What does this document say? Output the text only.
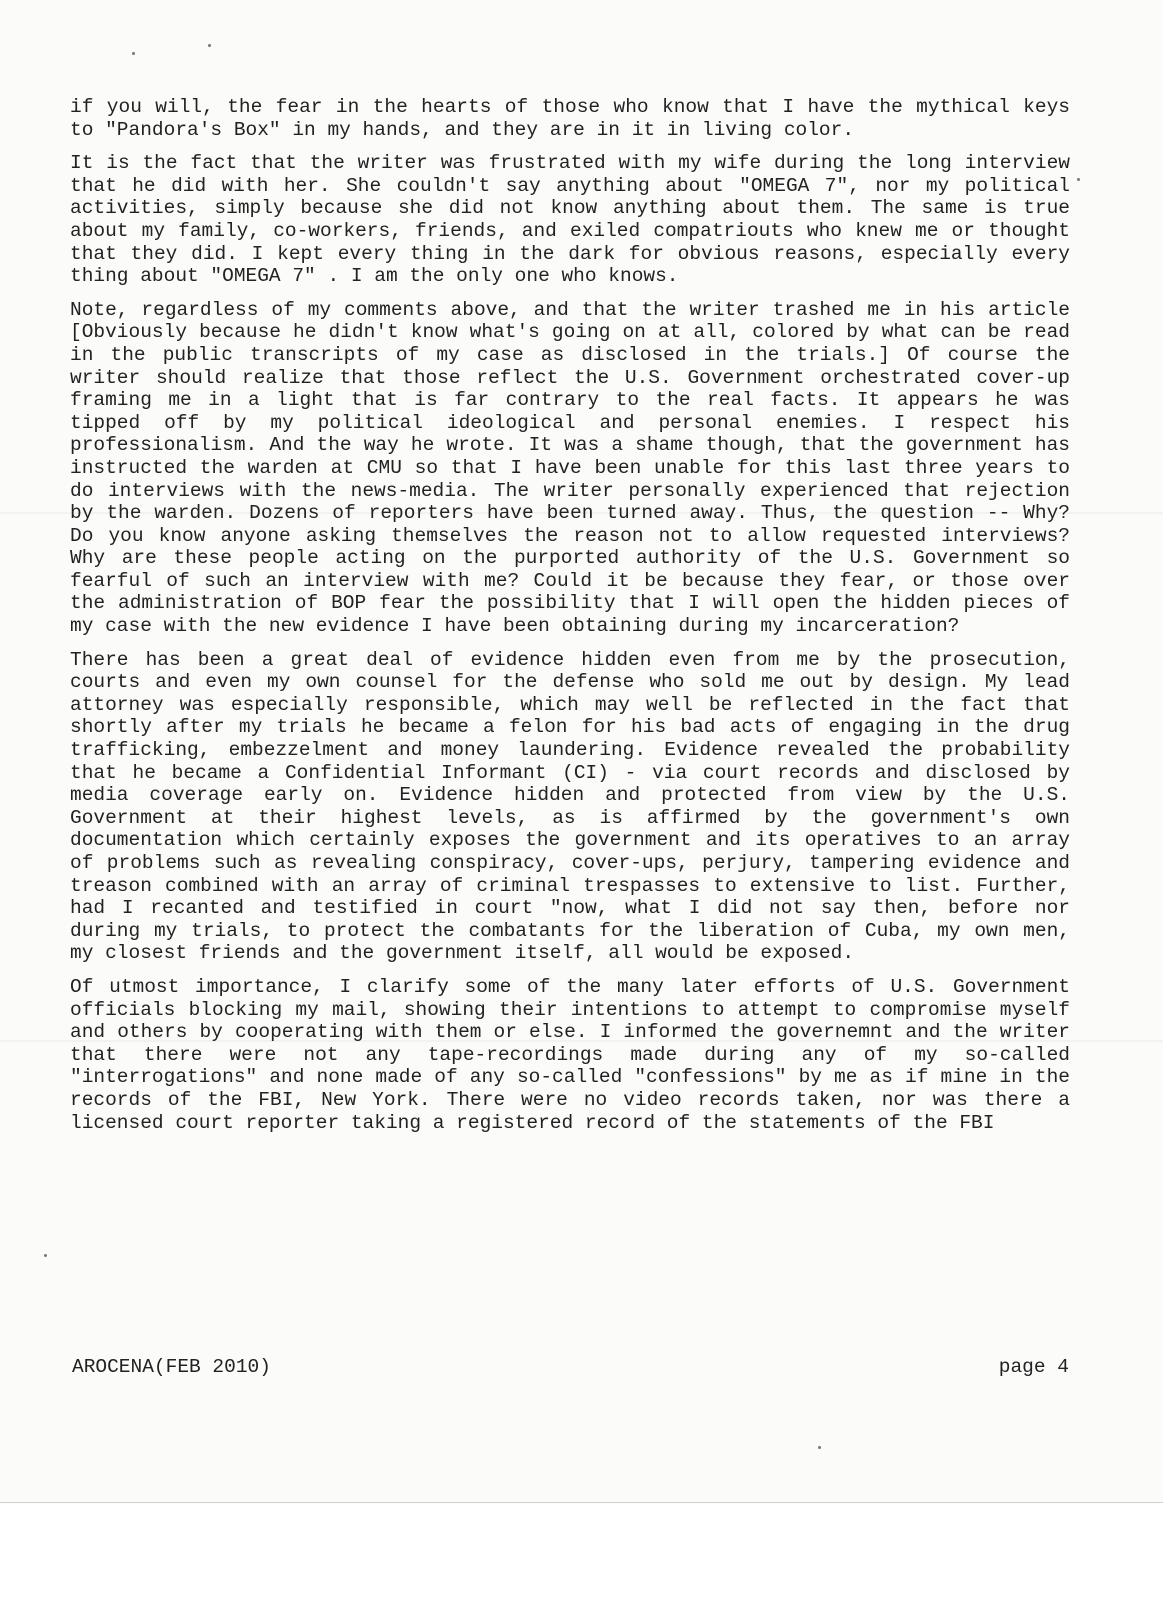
if you will, the fear in the hearts of those who know that I have the mythical keys to "Pandora's Box" in my hands, and they are in it in living color.

It is the fact that the writer was frustrated with my wife during the long interview that he did with her. She couldn't say anything about "OMEGA 7", nor my political activities, simply because she did not know anything about them. The same is true about my family, co-workers, friends, and exiled compatriouts who knew me or thought that they did. I kept every thing in the dark for obvious reasons, especially every thing about "OMEGA 7" . I am the only one who knows.

Note, regardless of my comments above, and that the writer trashed me in his article [Obviously because he didn't know what's going on at all, colored by what can be read in the public transcripts of my case as disclosed in the trials.] Of course the writer should realize that those reflect the U.S. Government orchestrated cover-up framing me in a light that is far contrary to the real facts. It appears he was tipped off by my political ideological and personal enemies. I respect his professionalism. And the way he wrote. It was a shame though, that the government has instructed the warden at CMU so that I have been unable for this last three years to do interviews with the news-media. The writer personally experienced that rejection by the warden. Dozens of reporters have been turned away. Thus, the question -- Why? Do you know anyone asking themselves the reason not to allow requested interviews? Why are these people acting on the purported authority of the U.S. Government so fearful of such an interview with me? Could it be because they fear, or those over the administration of BOP fear the possibility that I will open the hidden pieces of my case with the new evidence I have been obtaining during my incarceration?

There has been a great deal of evidence hidden even from me by the prosecution, courts and even my own counsel for the defense who sold me out by design. My lead attorney was especially responsible, which may well be reflected in the fact that shortly after my trials he became a felon for his bad acts of engaging in the drug trafficking, embezzelment and money laundering. Evidence revealed the probability that he became a Confidential Informant (CI) - via court records and disclosed by media coverage early on. Evidence hidden and protected from view by the U.S. Government at their highest levels, as is affirmed by the government's own documentation which certainly exposes the government and its operatives to an array of problems such as revealing conspiracy, cover-ups, perjury, tampering evidence and treason combined with an array of criminal trespasses to extensive to list. Further, had I recanted and testified in court "now, what I did not say then, before nor during my trials, to protect the combatants for the liberation of Cuba, my own men, my closest friends and the government itself, all would be exposed.

Of utmost importance, I clarify some of the many later efforts of U.S. Government officials blocking my mail, showing their intentions to attempt to compromise myself and others by cooperating with them or else. I informed the governemnt and the writer that there were not any tape-recordings made during any of my so-called "interrogations" and none made of any so-called "confessions" by me as if mine in the records of the FBI, New York. There were no video records taken, nor was there a licensed court reporter taking a registered record of the statements of the FBI

AROCENA(FEB 2010)	page 4
